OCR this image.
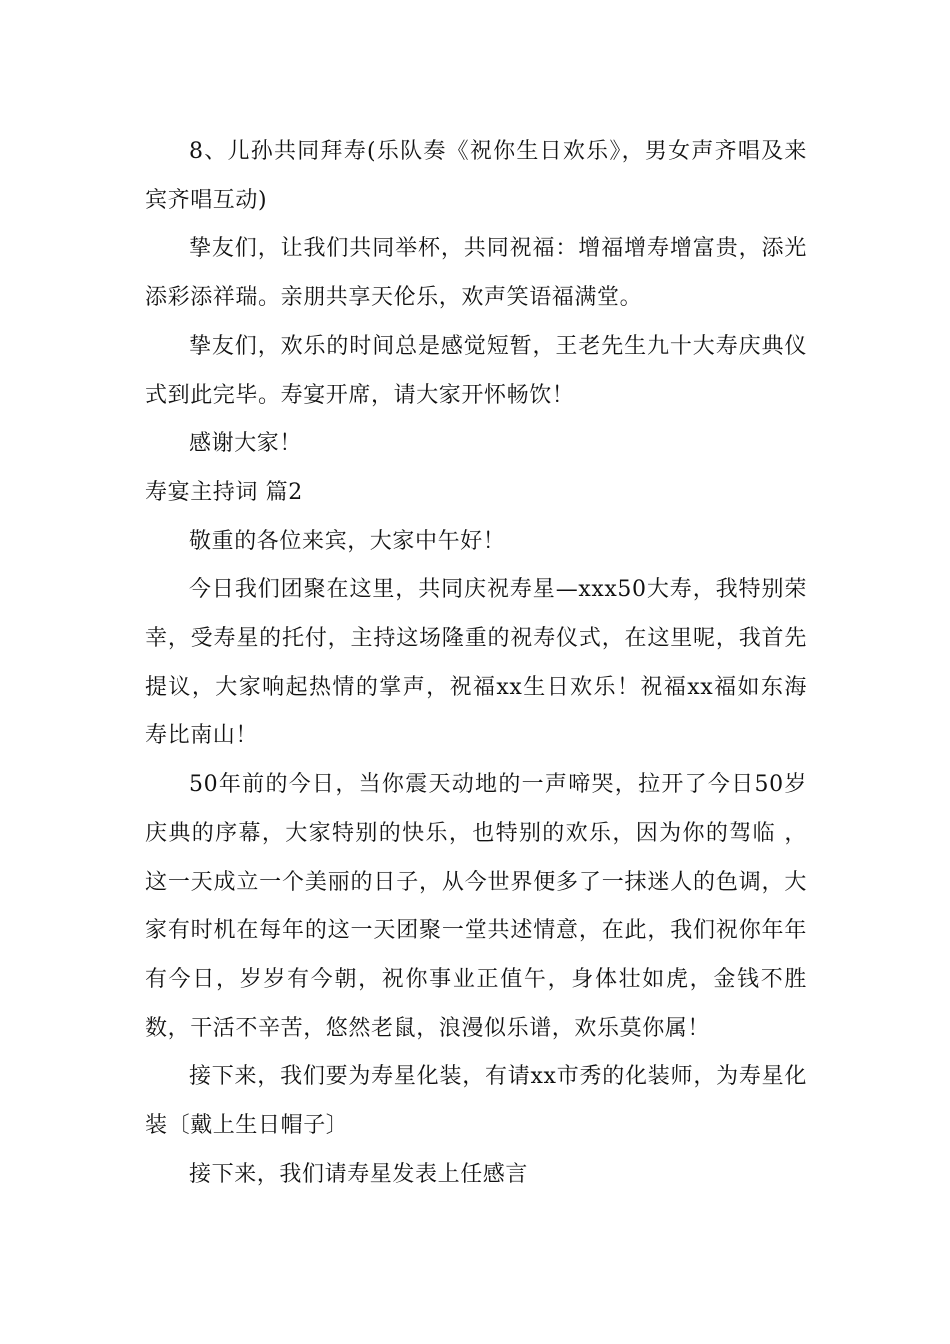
8、儿孙共同拜寿(乐队奏《祝你生日欢乐》，男女声齐唱及来宾齐唱互动)

挚友们，让我们共同举杯，共同祝福：增福增寿增富贵，添光添彩添祥瑞。亲朋共享天伦乐，欢声笑语福满堂。

挚友们，欢乐的时间总是感觉短暂，王老先生九十大寿庆典仪式到此完毕。寿宴开席，请大家开怀畅饮！

感谢大家！

寿宴主持词 篇2

敬重的各位来宾，大家中午好！

今日我们团聚在这里，共同庆祝寿星—xxx50大寿，我特别荣幸，受寿星的托付，主持这场隆重的祝寿仪式，在这里呢，我首先提议，大家响起热情的掌声，祝福xx生日欢乐！祝福xx福如东海寿比南山！

50年前的今日，当你震天动地的一声啼哭，拉开了今日50岁庆典的序幕，大家特别的快乐，也特别的欢乐，因为你的驾临 ， 这一天成立一个美丽的日子，从今世界便多了一抹迷人的色调，大家有时机在每年的这一天团聚一堂共述情意，在此，我们祝你年年有今日，岁岁有今朝，祝你事业正值午，身体壮如虎，金钱不胜数，干活不辛苦，悠然老鼠，浪漫似乐谱，欢乐莫你属！

接下来，我们要为寿星化装，有请xx市秀的化装师，为寿星化装〔戴上生日帽子〕

接下来，我们请寿星发表上任感言
